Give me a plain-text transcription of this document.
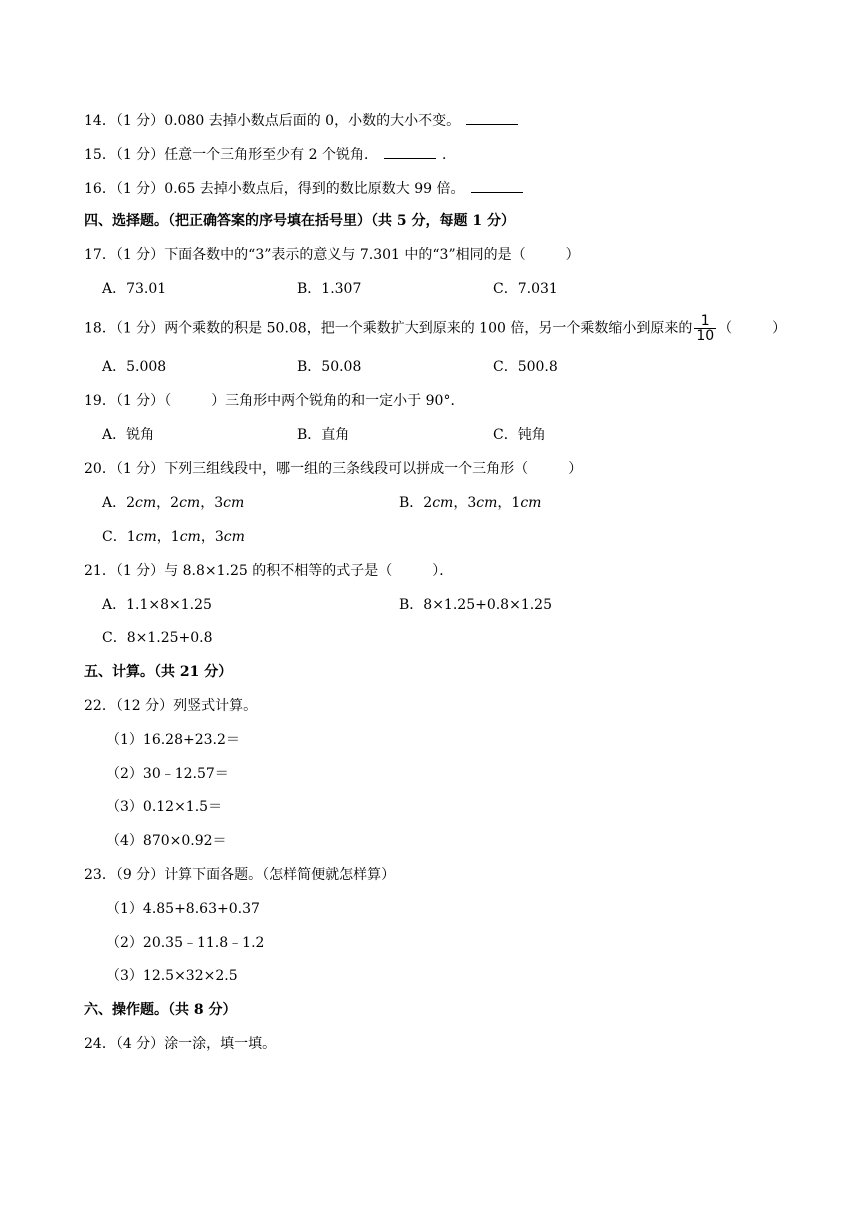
14．（1 分）0.080 去掉小数点后面的 0，小数的大小不变。
15．（1 分）任意一个三角形至少有 2 个锐角．	．
16．（1 分）0.65 去掉小数点后，得到的数比原数大 99 倍。
四、选择题。（把正确答案的序号填在括号里）（共 5 分，每题 1 分）
17．（1 分）下面各数中的“3”表示的意义与 7.301 中的“3”相同的是（	）
A．73.01	B．1.307	C．7.031
18．（1 分）两个乘数的积是 50.08，把一个乘数扩大到原来的 100 倍，另一个乘数缩小到原来的 $\frac{1}{10}$ （	）
A．5.008	B．50.08	C．500.8
19．（1 分）（	）三角形中两个锐角的和一定小于 90°．
A．锐角	B．直角	C．钝角
20．（1 分）下列三组线段中，哪一组的三条线段可以拼成一个三角形（	）
A．2cm，2cm，3cm	B．2cm，3cm，1cm
C．1cm，1cm，3cm
21．（1 分）与 8.8×1.25 的积不相等的式子是（	）．
A．1.1×8×1.25	B．8×1.25+0.8×1.25
C．8×1.25+0.8
五、计算。（共 21 分）
22．（12 分）列竖式计算。
（1）16.28+23.2＝
（2）30﹣12.57＝
（3）0.12×1.5＝
（4）870×0.92＝
23．（9 分）计算下面各题。（怎样简便就怎样算）
（1）4.85+8.63+0.37
（2）20.35﹣11.8﹣1.2
（3）12.5×32×2.5
六、操作题。（共 8 分）
24．（4 分）涂一涂，填一填。
